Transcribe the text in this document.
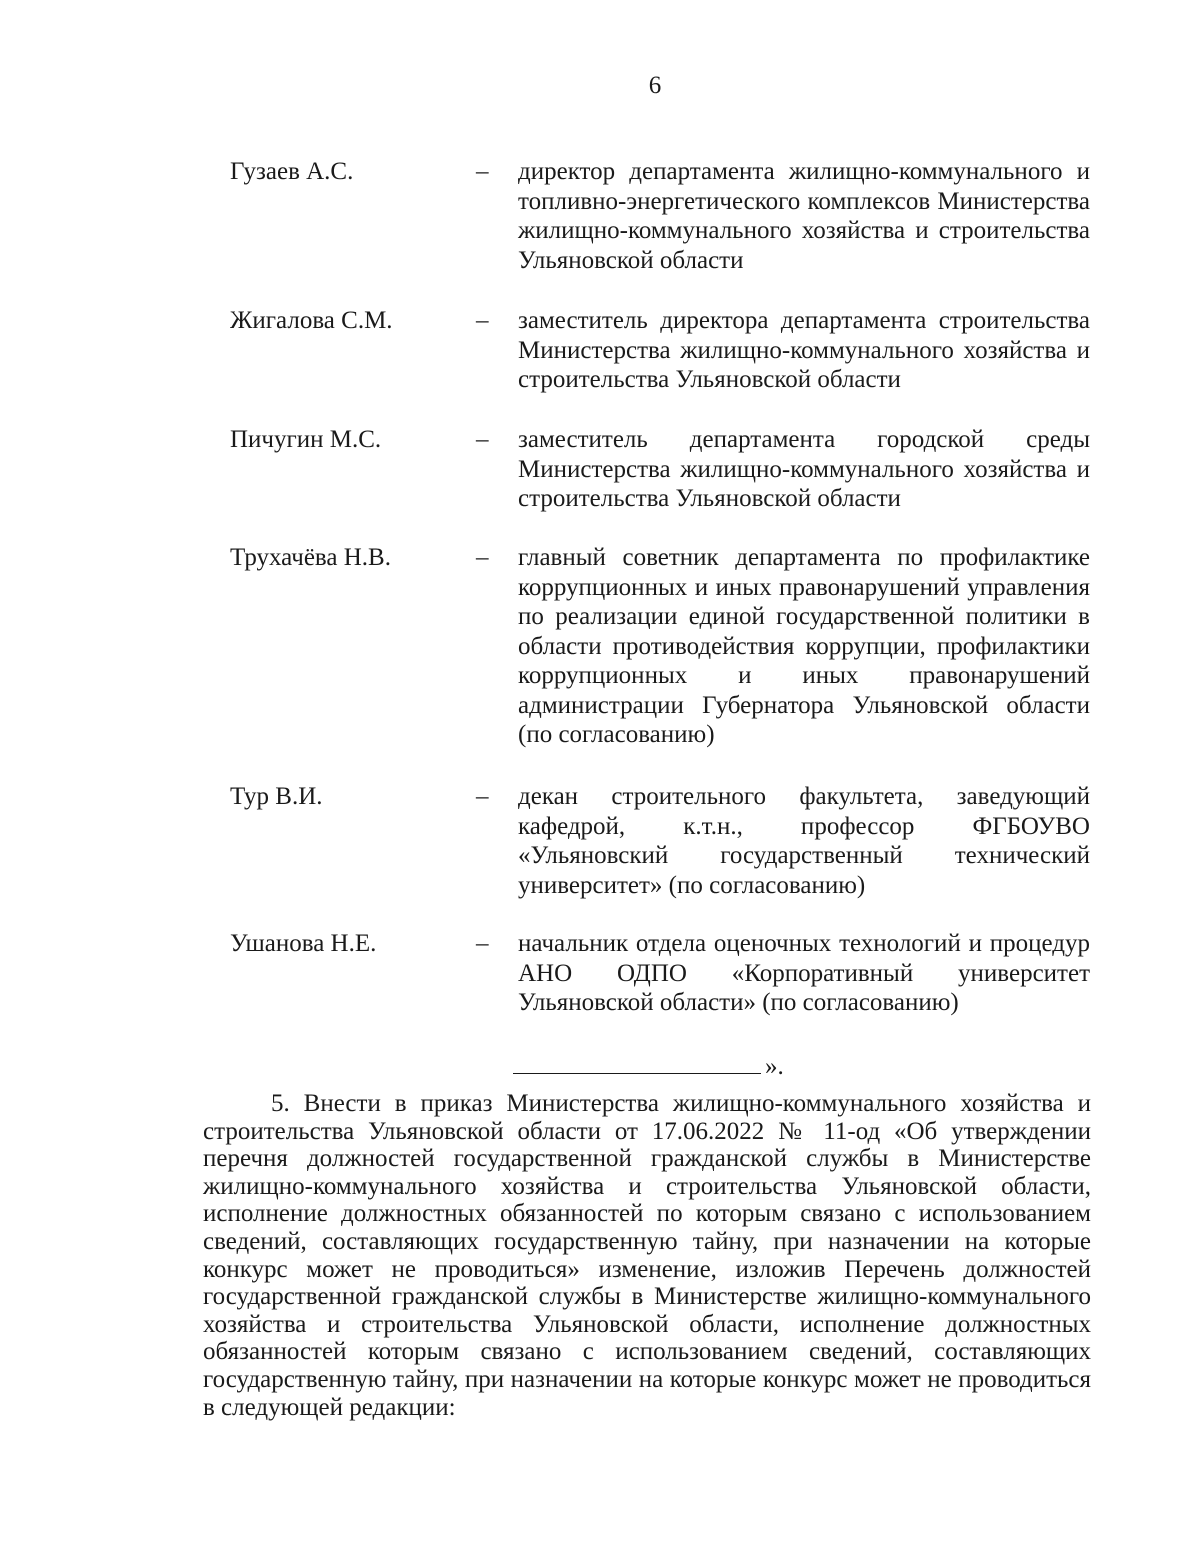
6
Гузаев А.С.	– директор департамента жилищно-коммунального и топливно-энергетического комплексов Министерства жилищно-коммунального хозяйства и строительства Ульяновской области
Жигалова С.М.	– заместитель директора департамента строительства Министерства жилищно-коммунального хозяйства и строительства Ульяновской области
Пичугин М.С.	– заместитель департамента городской среды Министерства жилищно-коммунального хозяйства и строительства Ульяновской области
Трухачёва Н.В.	– главный советник департамента по профилактике коррупционных и иных правонарушений управления по реализации единой государственной политики в области противодействия коррупции, профилактики коррупционных и иных правонарушений администрации Губернатора Ульяновской области (по согласованию)
Тур В.И.	– декан строительного факультета, заведующий кафедрой, к.т.н., профессор ФГБОУВО «Ульяновский государственный технический университет» (по согласованию)
Ушанова Н.Е.	– начальник отдела оценочных технологий и процедур АНО ОДПО «Корпоративный университет Ульяновской области» (по согласованию)
».

5. Внести в приказ Министерства жилищно-коммунального хозяйства и строительства Ульяновской области от 17.06.2022 № 11-од «Об утверждении перечня должностей государственной гражданской службы в Министерстве жилищно-коммунального хозяйства и строительства Ульяновской области, исполнение должностных обязанностей по которым связано с использованием сведений, составляющих государственную тайну, при назначении на которые конкурс может не проводиться» изменение, изложив Перечень должностей государственной гражданской службы в Министерстве жилищно-коммунального хозяйства и строительства Ульяновской области, исполнение должностных обязанностей которым связано с использованием сведений, составляющих государственную тайну, при назначении на которые конкурс может не проводиться в следующей редакции:
